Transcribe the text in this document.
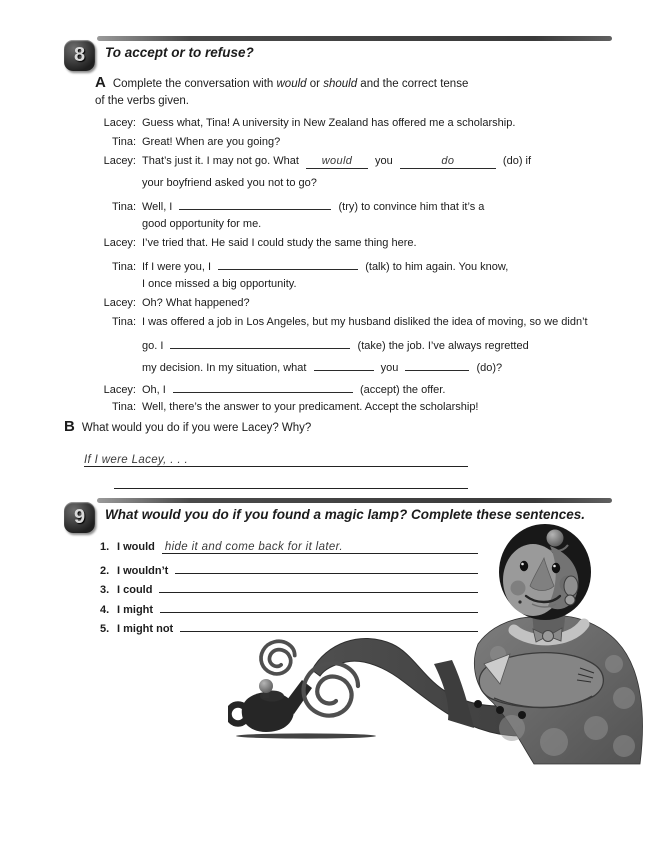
8	To accept or to refuse?
A Complete the conversation with would or should and the correct tense
of the verbs given.
Lacey: Guess what, Tina! A university in New Zealand has offered me a scholarship.
Tina: Great! When are you going?
Lacey: That’s just it. I may not go. What would you	do	(do) if
your boyfriend asked you not to go?
Tina: Well, I	(try) to convince him that it’s a
good opportunity for me.
Lacey: I’ve tried that. He said I could study the same thing here.
Tina: If I were you, I	(talk) to him again. You know,
I once missed a big opportunity.
Lacey: Oh? What happened?
Tina: I was offered a job in Los Angeles, but my husband disliked the idea of moving, so we didn’t
go. I	(take) the job. I’ve always regretted
my decision. In my situation, what	you	(do)?
Lacey: Oh, I	(accept) the offer.
Tina: Well, there’s the answer to your predicament. Accept the scholarship!
B What would you do if you were Lacey? Why?
If I were Lacey, . . .
9	What would you do if you found a magic lamp? Complete these sentences.
1. I would hide it and come back for it later.
2. I wouldn’t
3. I could
4. I might
5. I might not
